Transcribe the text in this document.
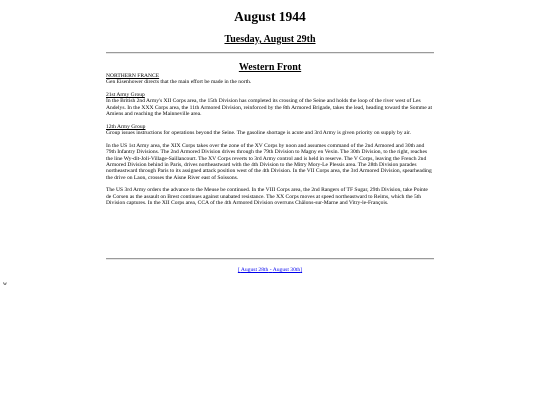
August 1944
Tuesday, August 29th
Western Front
NORTHERN FRANCE
Gen Eisenhower directs that the main effort be made in the north.
21st Army Group
In the British 2nd Army's XII Corps area, the 15th Division has completed its crossing of the Seine and holds the loop of the river west of Les Andelys. In the XXX Corps area, the 11th Armored Division, reinforced by the 8th Armored Brigade, takes the lead, heading toward the Somme at Amiens and reaching the Mainneville area.
12th Army Group
Group issues instructions for operations beyond the Seine. The gasoline shortage is acute and 3rd Army is given priority on supply by air.
In the US 1st Army area, the XIX Corps takes over the zone of the XV Corps by noon and assumes command of the 2nd Armored and 30th and 79th Infantry Divisions. The 2nd Armored Division drives through the 79th Division to Magny en Vexin. The 30th Division, to the right, reaches the line Wy-dit-Joli-Village-Saillancourt. The XV Corps reverts to 3rd Army control and is held in reserve. The V Corps, leaving the French 2nd Armored Division behind in Paris, drives northeastward with the 4th Division to the Mitry Mory-Le Plessis area. The 28th Division parades northeastward through Paris to its assigned attack position west of the 4th Division. In the VII Corps area, the 3rd Armored Division, spearheading the drive on Laon, crosses the Aisne River east of Soissons.
The US 3rd Army orders the advance to the Meuse be continued. In the VIII Corps area, the 2nd Rangers of TF Sugar, 29th Division, take Pointe de Corsen as the assault on Brest continues against unabated resistance. The XX Corps moves at speed northeastward to Reims, which the 5th Division captures. In the XII Corps area, CCA of the 4th Armored Division overruns Châlons-sur-Marne and Vitry-le-François.
[ August 28th - August 30th]
w
